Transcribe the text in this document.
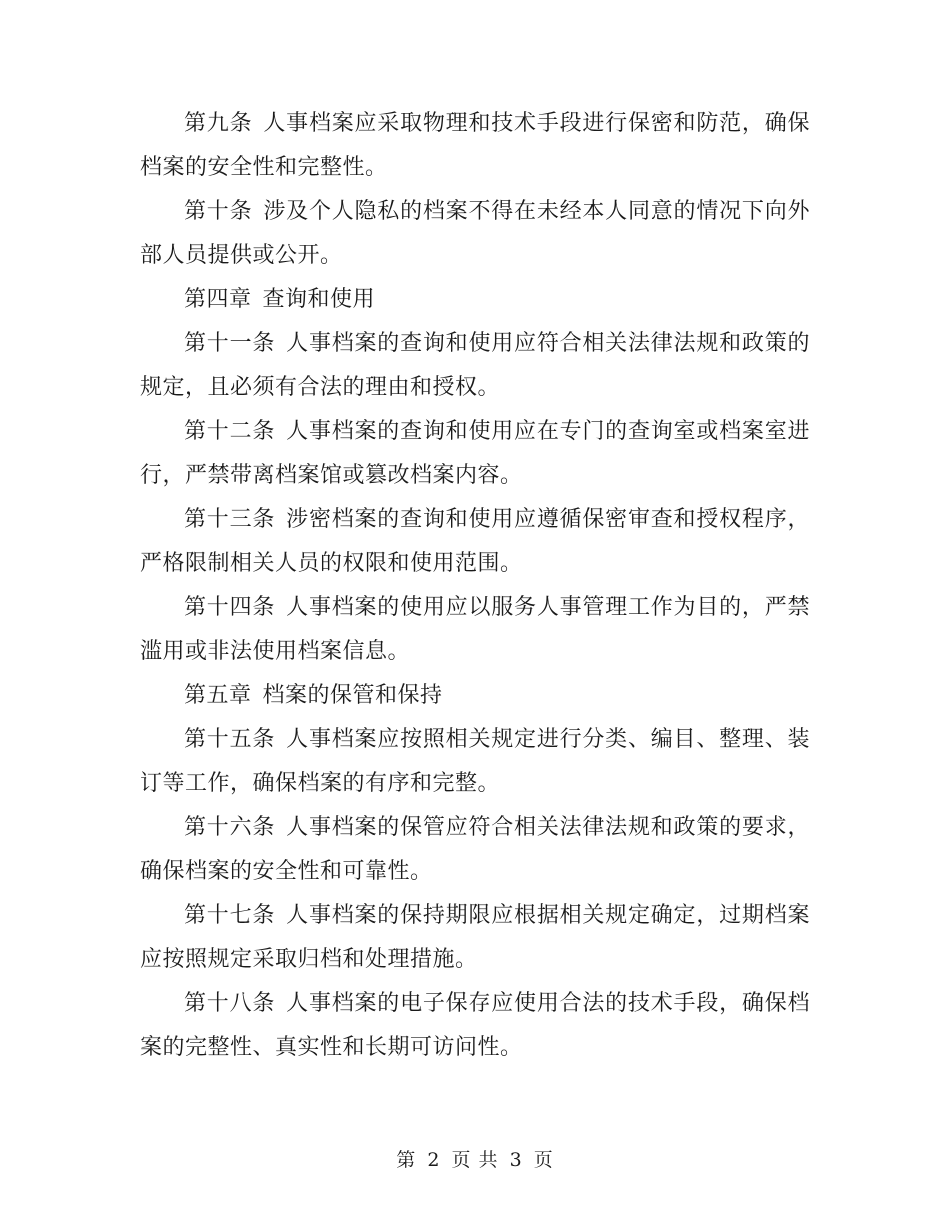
第九条 人事档案应采取物理和技术手段进行保密和防范，确保档案的安全性和完整性。

第十条 涉及个人隐私的档案不得在未经本人同意的情况下向外部人员提供或公开。

第四章 查询和使用

第十一条 人事档案的查询和使用应符合相关法律法规和政策的规定，且必须有合法的理由和授权。

第十二条 人事档案的查询和使用应在专门的查询室或档案室进行，严禁带离档案馆或篡改档案内容。

第十三条 涉密档案的查询和使用应遵循保密审查和授权程序，严格限制相关人员的权限和使用范围。

第十四条 人事档案的使用应以服务人事管理工作为目的，严禁滥用或非法使用档案信息。

第五章 档案的保管和保持

第十五条 人事档案应按照相关规定进行分类、编目、整理、装订等工作，确保档案的有序和完整。

第十六条 人事档案的保管应符合相关法律法规和政策的要求，确保档案的安全性和可靠性。

第十七条 人事档案的保持期限应根据相关规定确定，过期档案应按照规定采取归档和处理措施。

第十八条 人事档案的电子保存应使用合法的技术手段，确保档案的完整性、真实性和长期可访问性。

第 2 页 共 3 页
